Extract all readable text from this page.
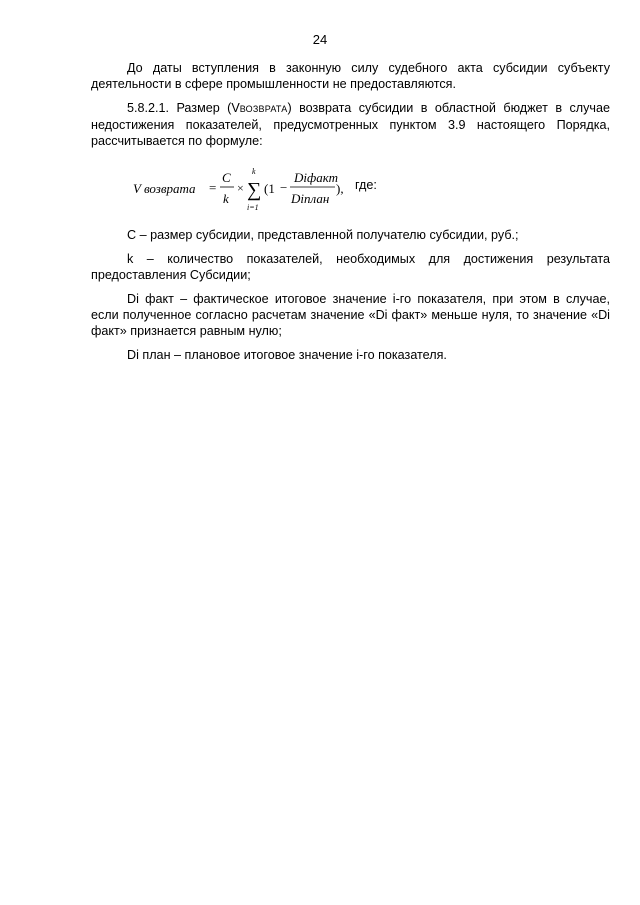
24

До даты вступления в законную силу судебного акта субсидии субъекту деятельности в сфере промышленности не предоставляются.

5.8.2.1. Размер (VВОЗВРАТА) возврата субсидии в областной бюджет в случае недостижения показателей, предусмотренных пунктом 3.9 настоящего Порядка, рассчитывается по формуле:

V возврата =
C
k
× ∑
k
i=1
(1 −
Diфакт
Diплан
), где:

С – размер субсидии, представленной получателю субсидии, руб.;

k – количество показателей, необходимых для достижения результата предоставления Субсидии;

Di факт – фактическое итоговое значение i-го показателя, при этом в случае, если полученное согласно расчетам значение «Di факт» меньше нуля, то значение «Di факт» признается равным нулю;

Di план – плановое итоговое значение i-го показателя.
